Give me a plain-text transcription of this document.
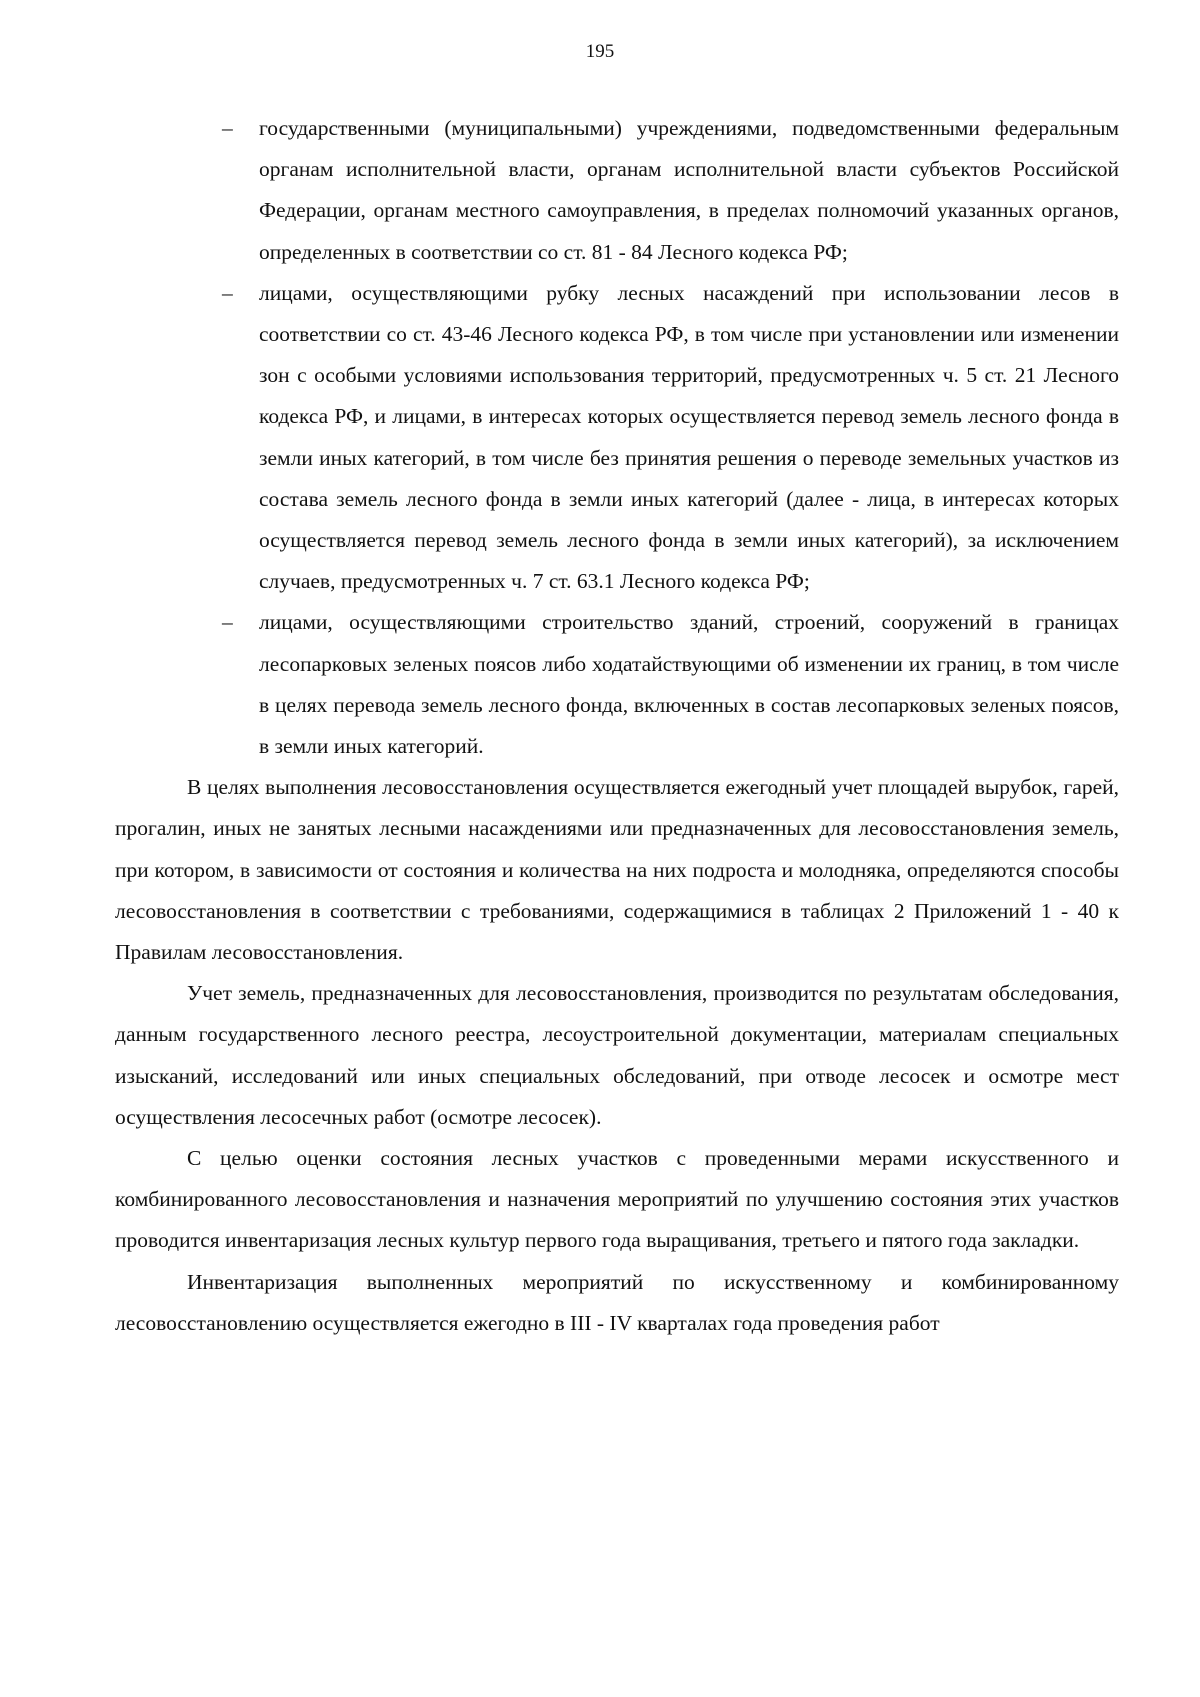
195
– государственными (муниципальными) учреждениями, подведомственными федеральным органам исполнительной власти, органам исполнительной власти субъектов Российской Федерации, органам местного самоуправления, в пределах полномочий указанных органов, определенных в соответствии со ст. 81 - 84 Лесного кодекса РФ;
– лицами, осуществляющими рубку лесных насаждений при использовании лесов в соответствии со ст. 43-46 Лесного кодекса РФ, в том числе при установлении или изменении зон с особыми условиями использования территорий, предусмотренных ч. 5 ст. 21 Лесного кодекса РФ, и лицами, в интересах которых осуществляется перевод земель лесного фонда в земли иных категорий, в том числе без принятия решения о переводе земельных участков из состава земель лесного фонда в земли иных категорий (далее - лица, в интересах которых осуществляется перевод земель лесного фонда в земли иных категорий), за исключением случаев, предусмотренных ч. 7 ст. 63.1 Лесного кодекса РФ;
– лицами, осуществляющими строительство зданий, строений, сооружений в границах лесопарковых зеленых поясов либо ходатайствующими об изменении их границ, в том числе в целях перевода земель лесного фонда, включенных в состав лесопарковых зеленых поясов, в земли иных категорий.

В целях выполнения лесовосстановления осуществляется ежегодный учет площадей вырубок, гарей, прогалин, иных не занятых лесными насаждениями или предназначенных для лесовосстановления земель, при котором, в зависимости от состояния и количества на них подроста и молодняка, определяются способы лесовосстановления в соответствии с требованиями, содержащимися в таблицах 2 Приложений 1 - 40 к Правилам лесовосстановления.

Учет земель, предназначенных для лесовосстановления, производится по результатам обследования, данным государственного лесного реестра, лесоустроительной документации, материалам специальных изысканий, исследований или иных специальных обследований, при отводе лесосек и осмотре мест осуществления лесосечных работ (осмотре лесосек).

С целью оценки состояния лесных участков с проведенными мерами искусственного и комбинированного лесовосстановления и назначения мероприятий по улучшению состояния этих участков проводится инвентаризация лесных культур первого года выращивания, третьего и пятого года закладки.

Инвентаризация выполненных мероприятий по искусственному и комбинированному лесовосстановлению осуществляется ежегодно в III - IV кварталах года проведения работ
